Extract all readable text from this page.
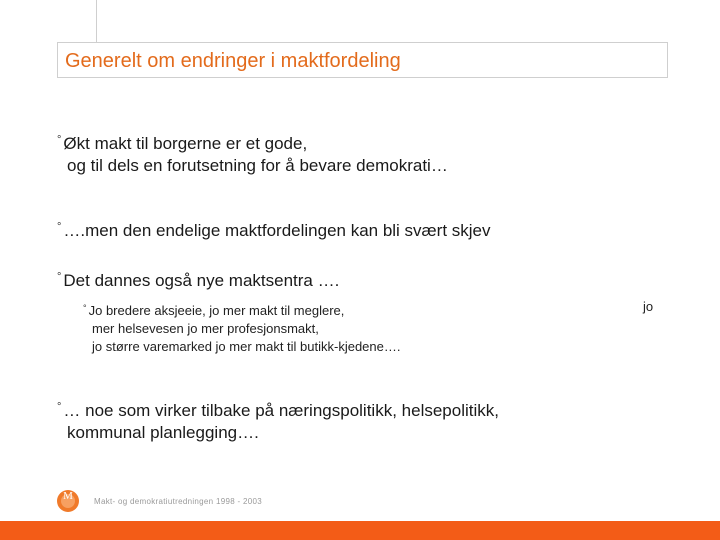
Generelt om endringer i maktfordeling
° Økt makt til borgerne er et gode,
og til dels en forutsetning for å bevare demokrati…
° ….men den endelige maktfordelingen kan bli svært skjev
° Det dannes også nye maktsentra ….
° Jo bredere aksjeeie, jo mer makt til meglere,
mer helsevesen jo mer profesjonsmakt,
jo større varemarked jo mer makt til butikk-kjedene….
jo
° … noe som virker tilbake på næringspolitikk, helsepolitikk,
kommunal planlegging….
M	Makt- og demokratiutredningen 1998 - 2003
